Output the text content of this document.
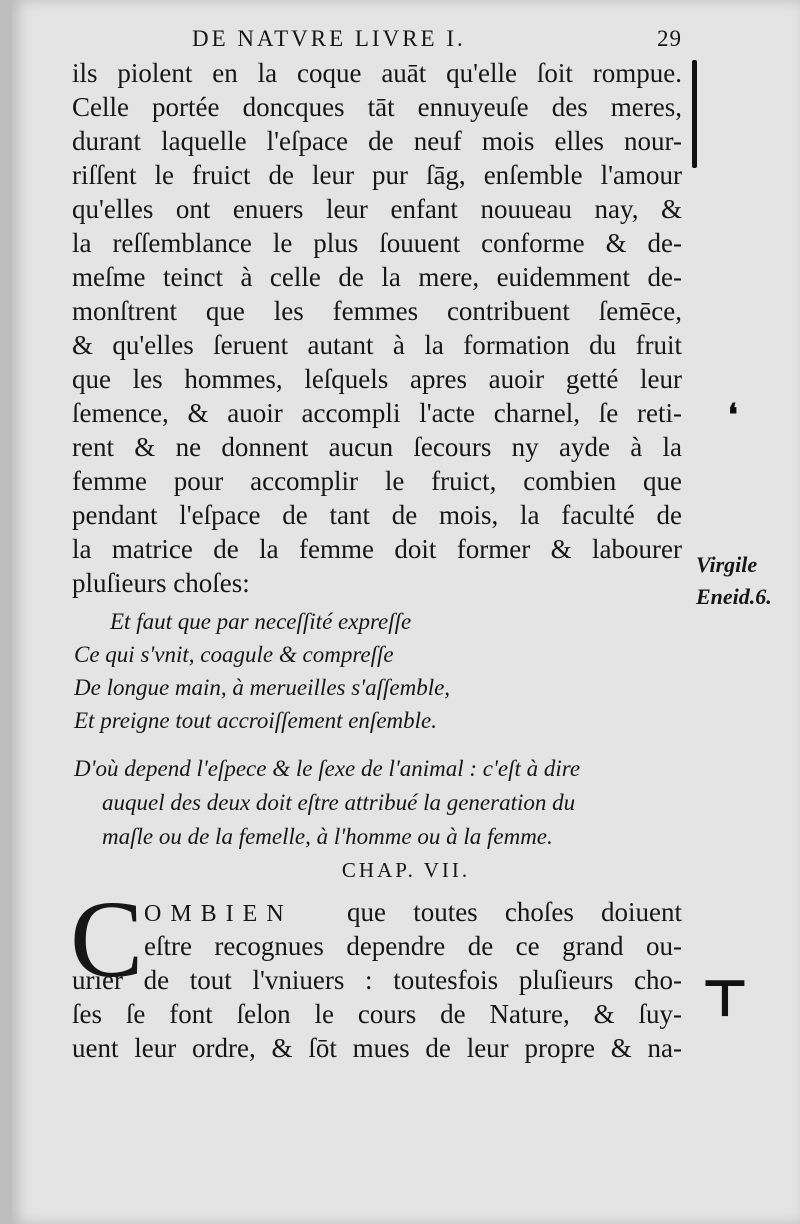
DE NATVRE LIVRE I.	29
ils piolent en la coque auāt qu'elle ſoit rompue.
Celle portée doncques tāt ennuyeuſe des meres,
durant laquelle l'eſpace de neuf mois elles nour-
riſſent le fruict de leur pur ſāg, enſemble l'amour
qu'elles ont enuers leur enfant nouueau nay, &
la reſſemblance le plus ſouuent conforme & de-
meſme teinct à celle de la mere, euidemment de-
monſtrent que les femmes contribuent ſemēce,
& qu'elles ſeruent autant à la formation du fruit
que les hommes, leſquels apres auoir getté leur
ſemence, & auoir accompli l'acte charnel, ſe reti-
rent & ne donnent aucun ſecours ny ayde à la
femme pour accomplir le fruict, combien que
pendant l'eſpace de tant de mois, la faculté de
la matrice de la femme doit former & labourer
pluſieurs choſes:
❛
⊤
Virgile
Eneid.6.
Et faut que par neceſſité expreſſe
Ce qui s'vnit, coagule & compreſſe
De longue main, à merueilles s'aſſemble,
Et preigne tout accroiſſement enſemble.
D'où depend l'eſpece & le ſexe de l'animal : c'eſt à dire
auquel des deux doit eſtre attribué la generation du
maſle ou de la femelle, à l'homme ou à la femme.
CHAP. VII.
C OMBIEN que toutes choſes doiuent
eſtre recognues dependre de ce grand ou-
urier de tout l'vniuers : toutesfois pluſieurs cho-
ſes ſe font ſelon le cours de Nature, & ſuy-
uent leur ordre, & ſōt mues de leur propre & na-
